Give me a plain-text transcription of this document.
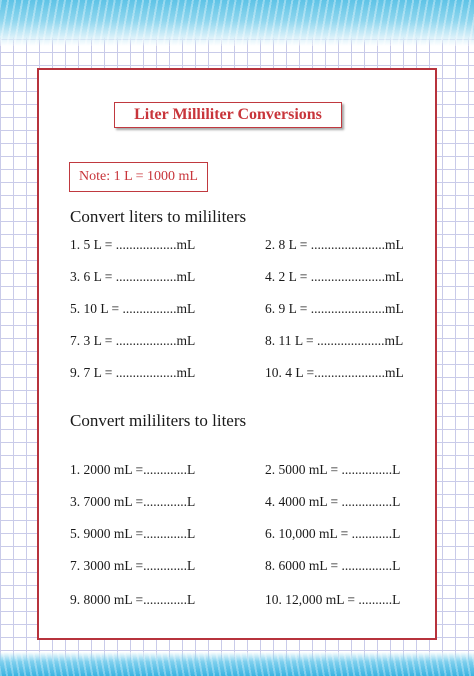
Liter Milliliter Conversions
Note: 1 L = 1000 mL
Convert liters to mililiters
1. 5 L = ..................mL	2. 8 L = ......................mL
3. 6 L = ..................mL	4. 2 L = ......................mL
5. 10 L = ................mL	6. 9 L = ......................mL
7. 3 L = ..................mL	8. 11 L = ....................mL
9. 7 L = ..................mL	10. 4 L =.....................mL
Convert mililiters to liters
1. 2000 mL =.............L	2. 5000 mL = ...............L
3. 7000 mL =.............L	4. 4000 mL = ...............L
5. 9000 mL =.............L	6. 10,000 mL = ............L
7. 3000 mL =.............L	8. 6000 mL = ...............L
9. 8000 mL =.............L	10. 12,000 mL = ..........L
